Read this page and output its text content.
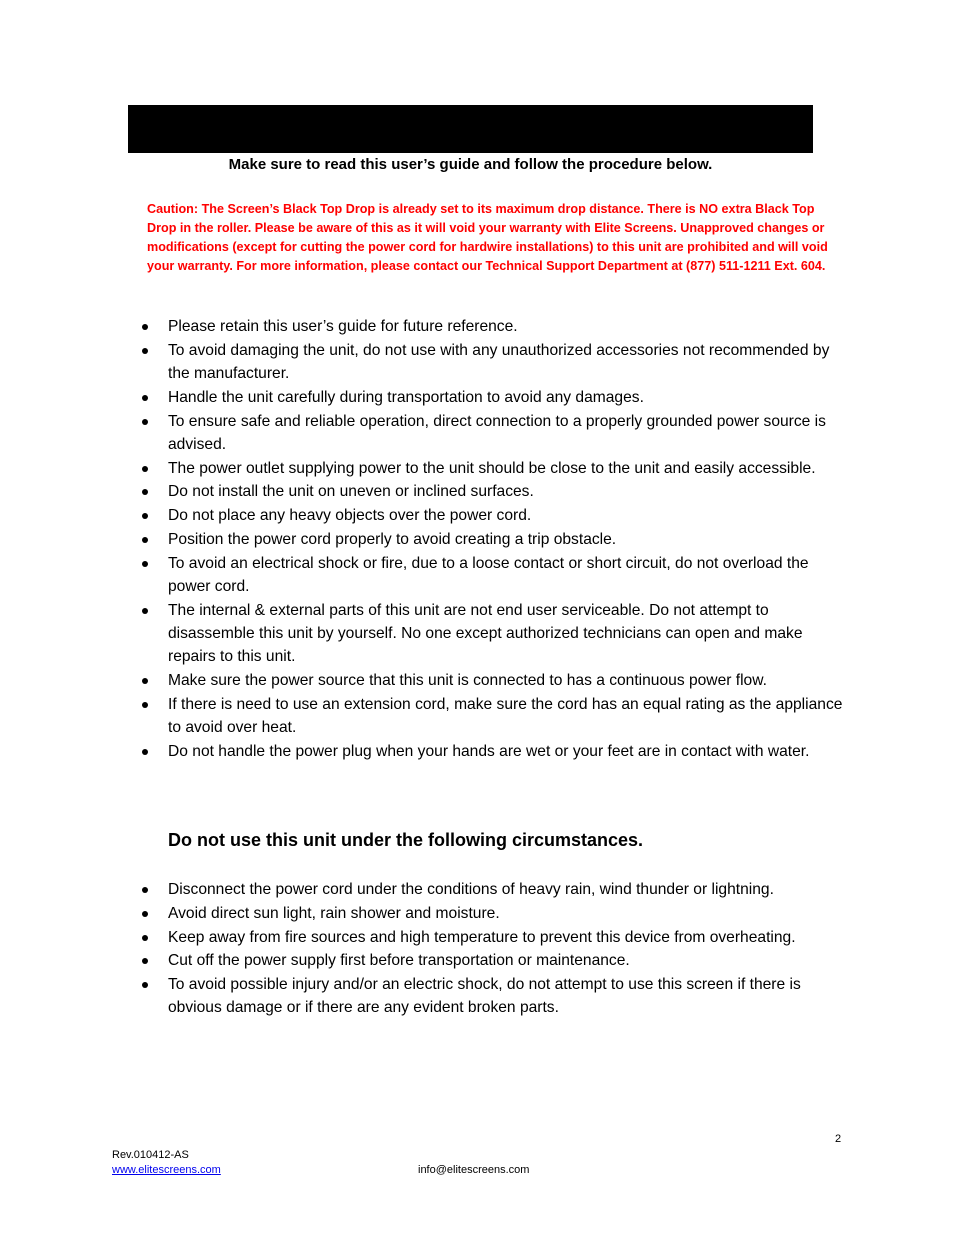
Make sure to read this user’s guide and follow the procedure below.
Caution: The Screen’s Black Top Drop is already set to its maximum drop distance. There is NO extra Black Top Drop in the roller. Please be aware of this as it will void your warranty with Elite Screens. Unapproved changes or modifications (except for cutting the power cord for hardwire installations) to this unit are prohibited and will void your warranty. For more information, please contact our Technical Support Department at (877) 511-1211 Ext. 604.
Please retain this user’s guide for future reference.
To avoid damaging the unit, do not use with any unauthorized accessories not recommended by the manufacturer.
Handle the unit carefully during transportation to avoid any damages.
To ensure safe and reliable operation, direct connection to a properly grounded power source is advised.
The power outlet supplying power to the unit should be close to the unit and easily accessible.
Do not install the unit on uneven or inclined surfaces.
Do not place any heavy objects over the power cord.
Position the power cord properly to avoid creating a trip obstacle.
To avoid an electrical shock or fire, due to a loose contact or short circuit, do not overload the power cord.
The internal & external parts of this unit are not end user serviceable. Do not attempt to disassemble this unit by yourself. No one except authorized technicians can open and make repairs to this unit.
Make sure the power source that this unit is connected to has a continuous power flow.
If there is need to use an extension cord, make sure the cord has an equal rating as the appliance to avoid over heat.
Do not handle the power plug when your hands are wet or your feet are in contact with water.
Do not use this unit under the following circumstances.
Disconnect the power cord under the conditions of heavy rain, wind thunder or lightning.
Avoid direct sun light, rain shower and moisture.
Keep away from fire sources and high temperature to prevent this device from overheating.
Cut off the power supply first before transportation or maintenance.
To avoid possible injury and/or an electric shock, do not attempt to use this screen if there is obvious damage or if there are any evident broken parts.
2
Rev.010412-AS
www.elitescreens.com	info@elitescreens.com
